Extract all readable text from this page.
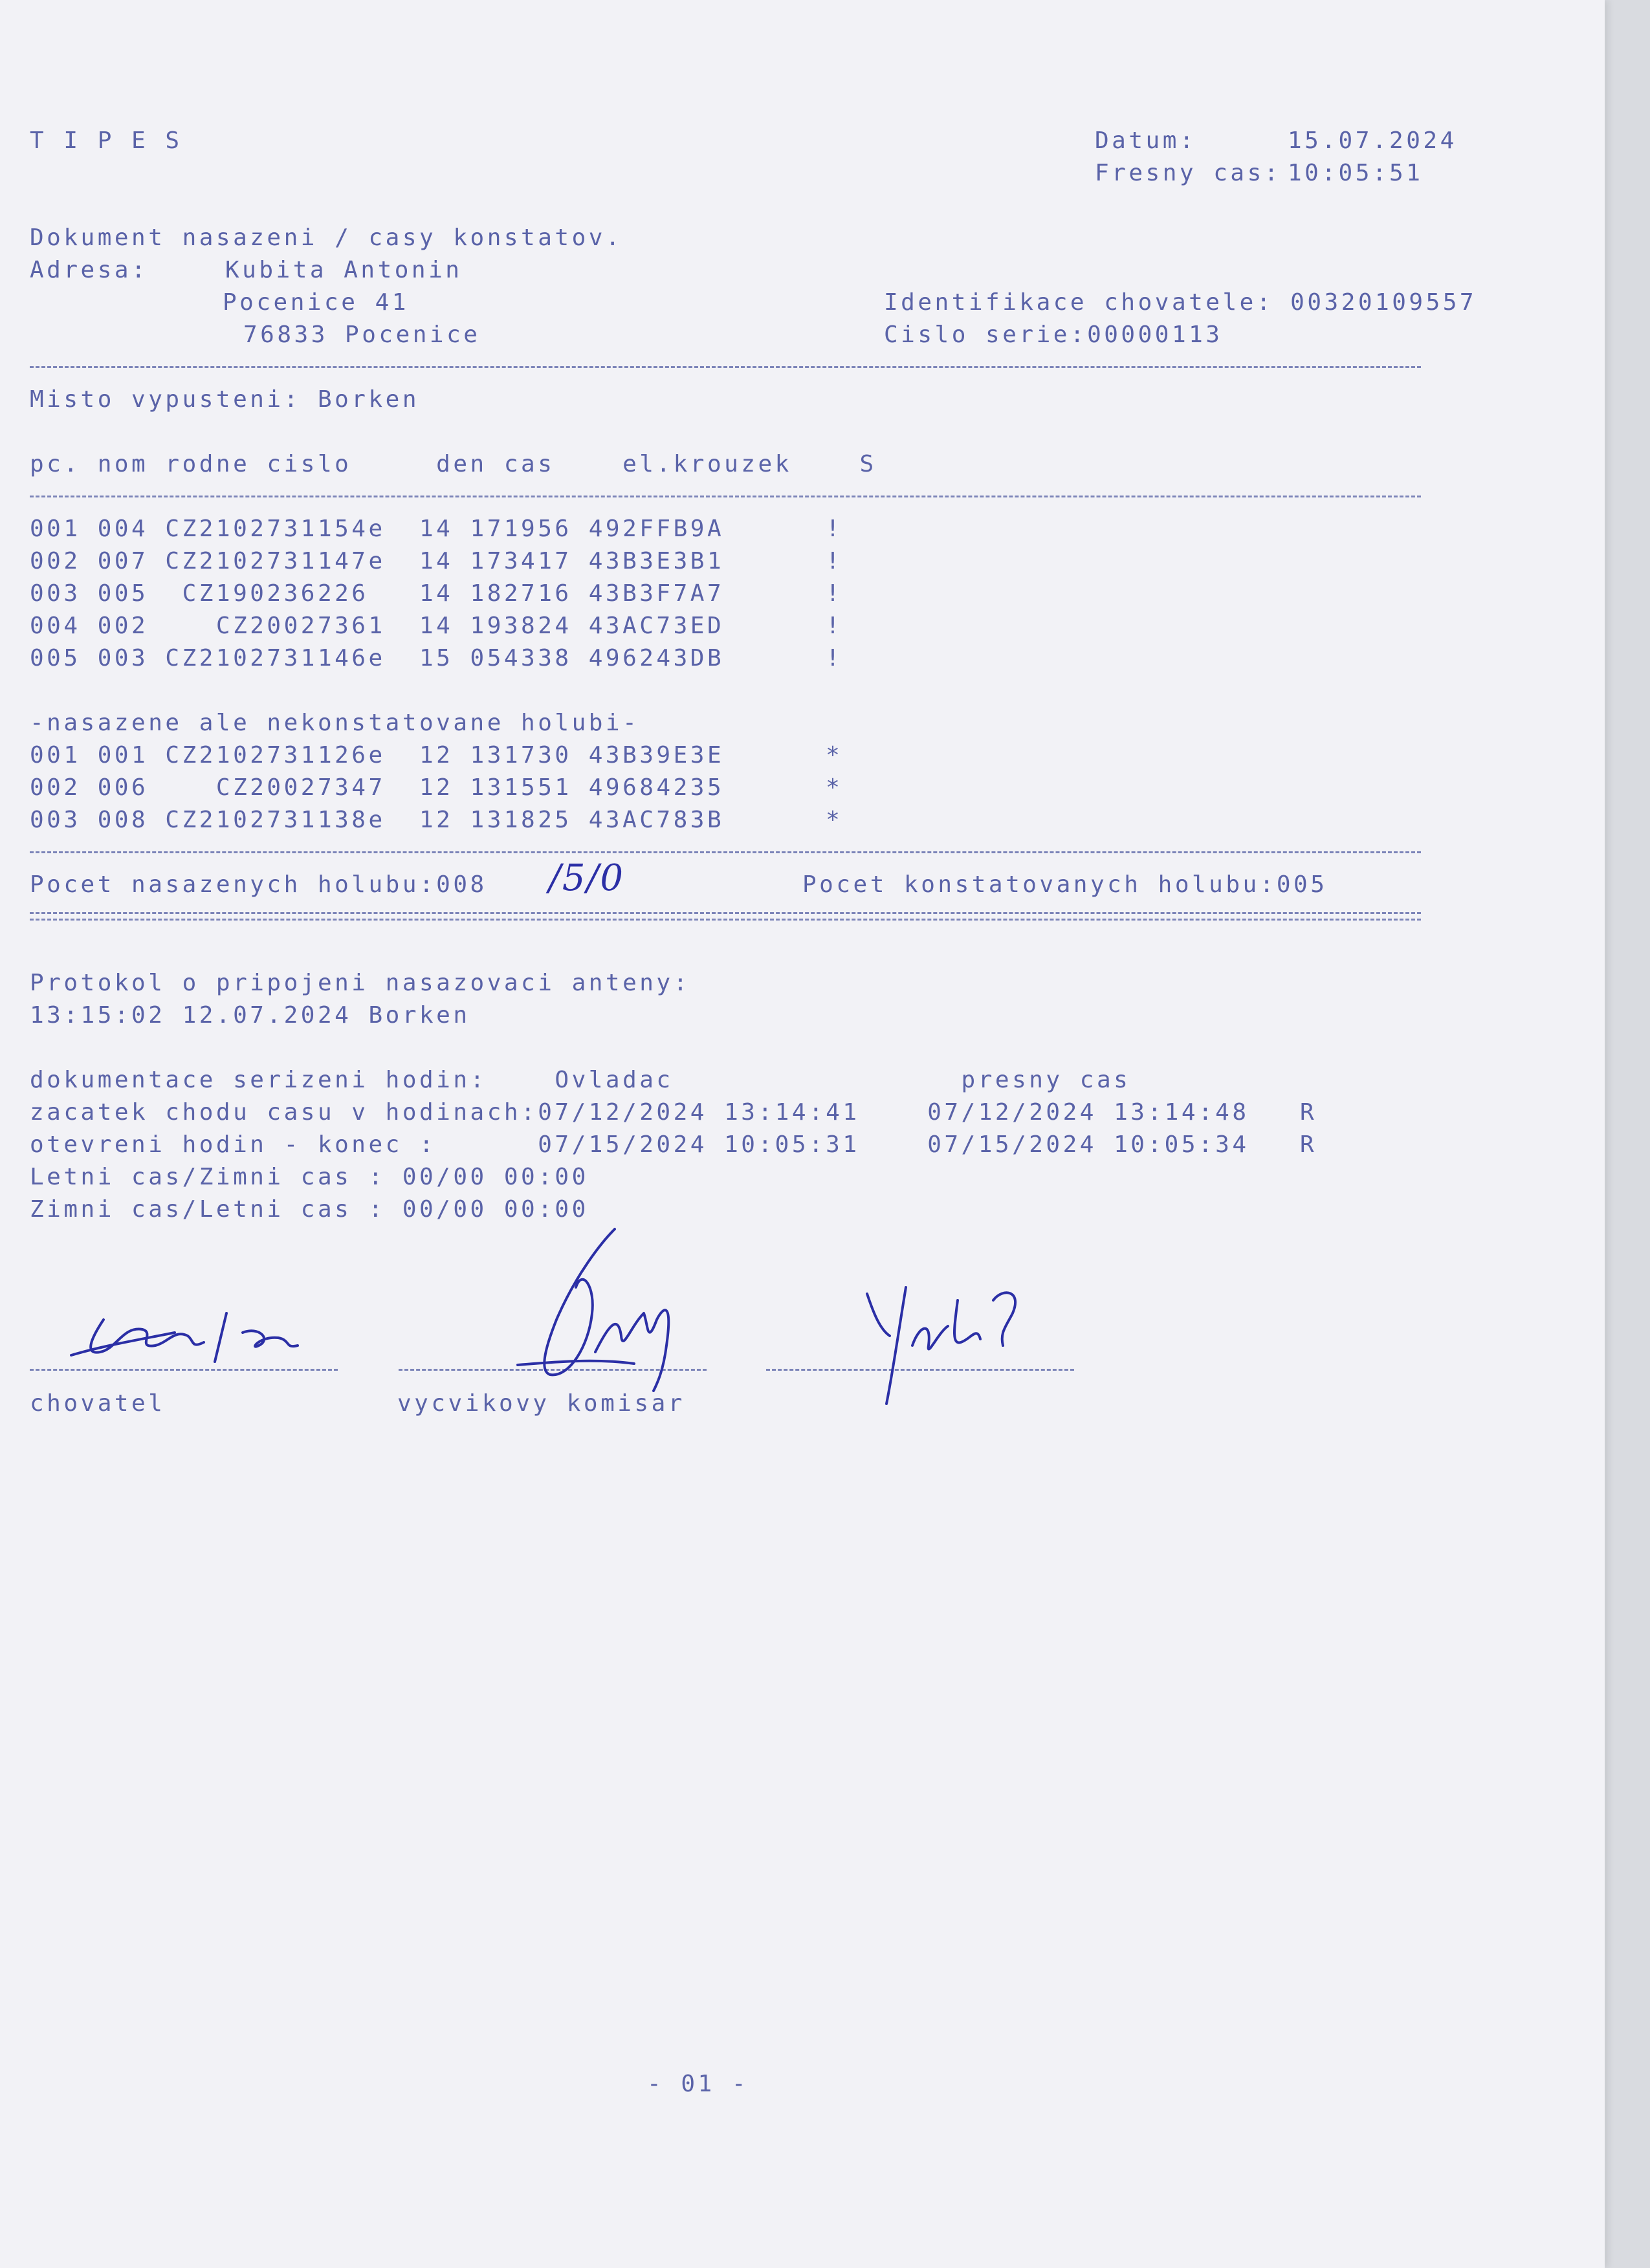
T I P E S	Datum:	15.07.2024
Fresny cas: 10:05:51
Dokument nasazeni / casy konstatov.
Adresa:	Kubita Antonin
Pocenice 41
76833 Pocenice
Identifikace chovatele: 00320109557
Cislo serie:00000113
Misto vypusteni: Borken
pc. nom rodne cislo     den cas    el.krouzek    S
001 004 CZ2102731154e  14 171956 492FFB9A      !
002 007 CZ2102731147e  14 173417 43B3E3B1      !
003 005  CZ190236226   14 182716 43B3F7A7      !
004 002    CZ20027361  14 193824 43AC73ED      !
005 003 CZ2102731146e  15 054338 496243DB      !
-nasazene ale nekonstatovane holubi-
001 001 CZ2102731126e  12 131730 43B39E3E      *
002 006    CZ20027347  12 131551 49684235      *
003 008 CZ2102731138e  12 131825 43AC783B      *
Pocet nasazenych holubu:008 /5/0	Pocet konstatovanych holubu:005
Protokol o pripojeni nasazovaci anteny:
13:15:02 12.07.2024 Borken
dokumentace serizeni hodin:    Ovladac                 presny cas
zacatek chodu casu v hodinach:07/12/2024 13:14:41    07/12/2024 13:14:48   R
otevreni hodin - konec :      07/15/2024 10:05:31    07/15/2024 10:05:34   R
Letni cas/Zimni cas : 00/00 00:00
Zimni cas/Letni cas : 00/00 00:00
chovatel	vycvikovy komisar
- 01 -
